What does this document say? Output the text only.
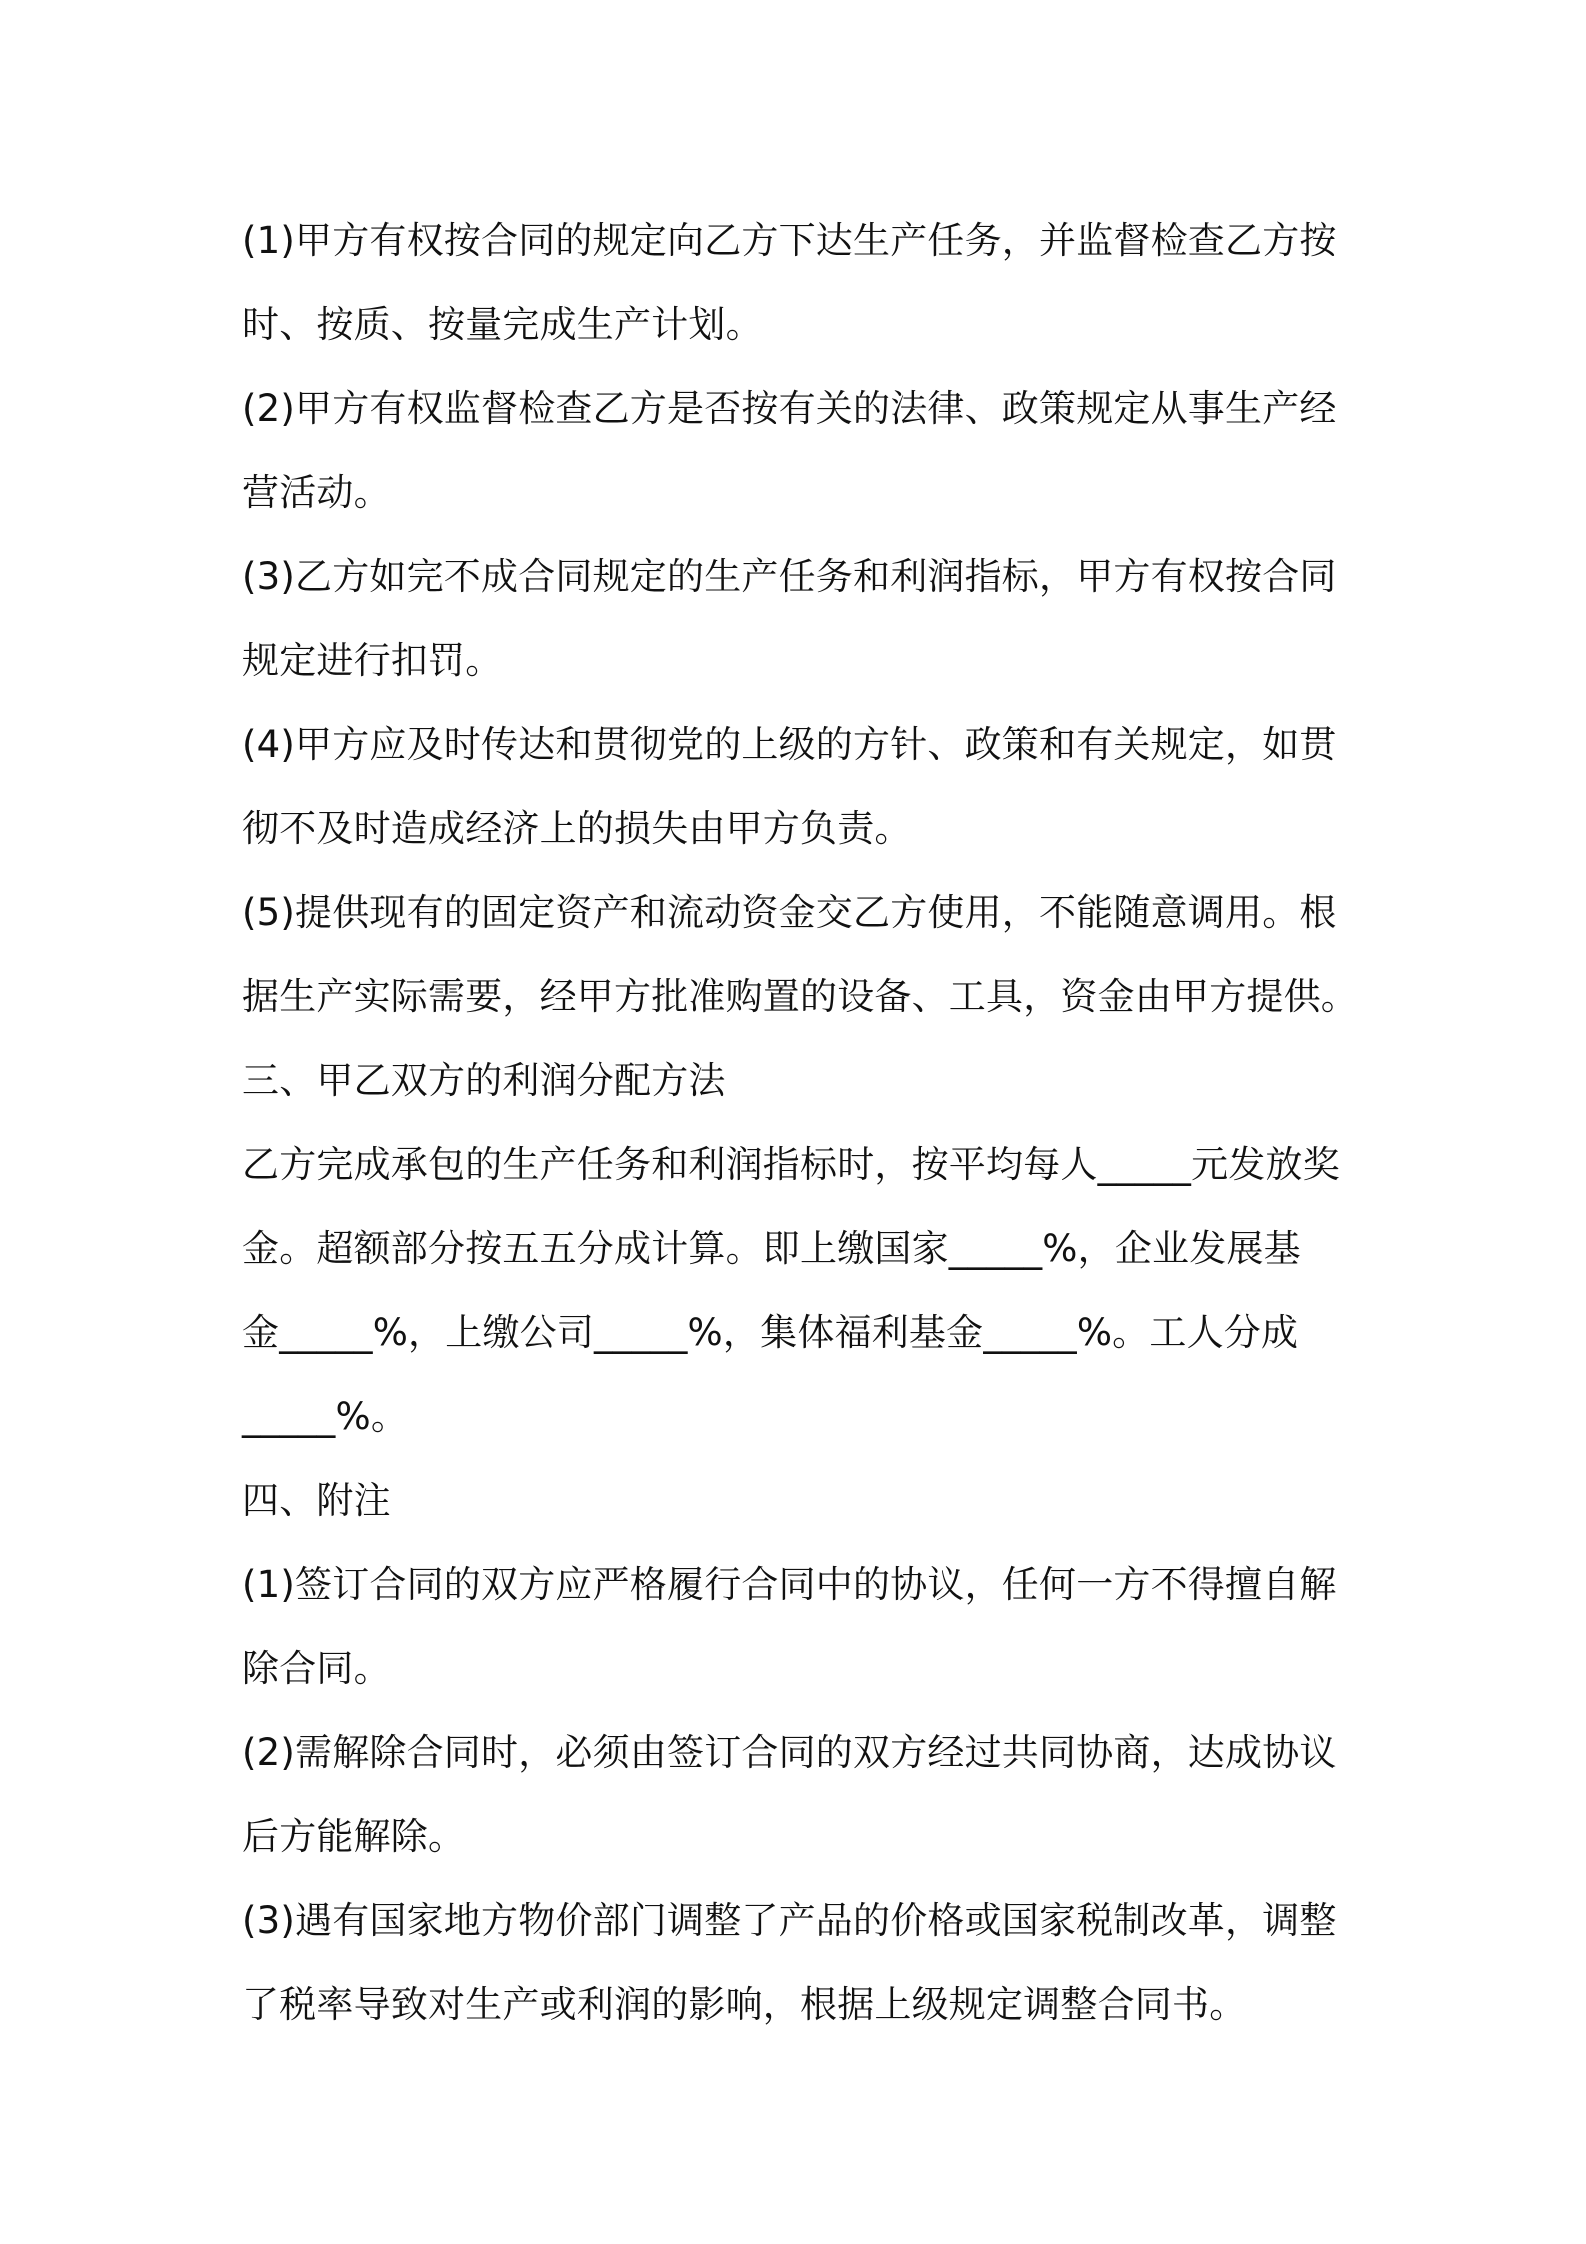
(1)甲方有权按合同的规定向乙方下达生产任务，并监督检查乙方按
时、按质、按量完成生产计划。
(2)甲方有权监督检查乙方是否按有关的法律、政策规定从事生产经
营活动。
(3)乙方如完不成合同规定的生产任务和利润指标，甲方有权按合同
规定进行扣罚。
(4)甲方应及时传达和贯彻党的上级的方针、政策和有关规定，如贯
彻不及时造成经济上的损失由甲方负责。
(5)提供现有的固定资产和流动资金交乙方使用，不能随意调用。根
据生产实际需要，经甲方批准购置的设备、工具，资金由甲方提供。
三、甲乙双方的利润分配方法
乙方完成承包的生产任务和利润指标时，按平均每人_____元发放奖
金。超额部分按五五分成计算。即上缴国家_____%，企业发展基
金_____%，上缴公司_____%，集体福利基金_____%。工人分成
_____%。
四、附注
(1)签订合同的双方应严格履行合同中的协议，任何一方不得擅自解
除合同。
(2)需解除合同时，必须由签订合同的双方经过共同协商，达成协议
后方能解除。
(3)遇有国家地方物价部门调整了产品的价格或国家税制改革，调整
了税率导致对生产或利润的影响，根据上级规定调整合同书。
